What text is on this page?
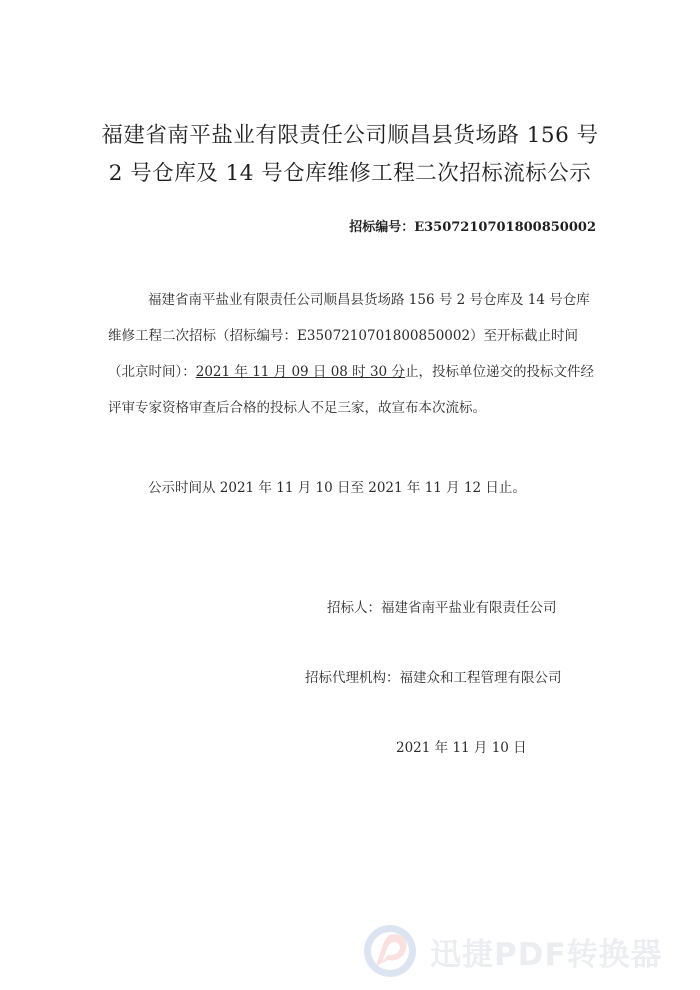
福建省南平盐业有限责任公司顺昌县货场路 156 号
2 号仓库及 14 号仓库维修工程二次招标流标公示
招标编号：E3507210701800850002
福建省南平盐业有限责任公司顺昌县货场路 156 号 2 号仓库及 14 号仓库维修工程二次招标（招标编号：E3507210701800850002）至开标截止时间（北京时间）：2021 年 11 月 09 日 08 时 30 分止，投标单位递交的投标文件经评审专家资格审查后合格的投标人不足三家，故宣布本次流标。
公示时间从 2021 年 11 月 10 日至 2021 年 11 月 12 日止。
招标人：福建省南平盐业有限责任公司
招标代理机构：福建众和工程管理有限公司
2021 年 11 月 10 日
迅捷PDF转换器
